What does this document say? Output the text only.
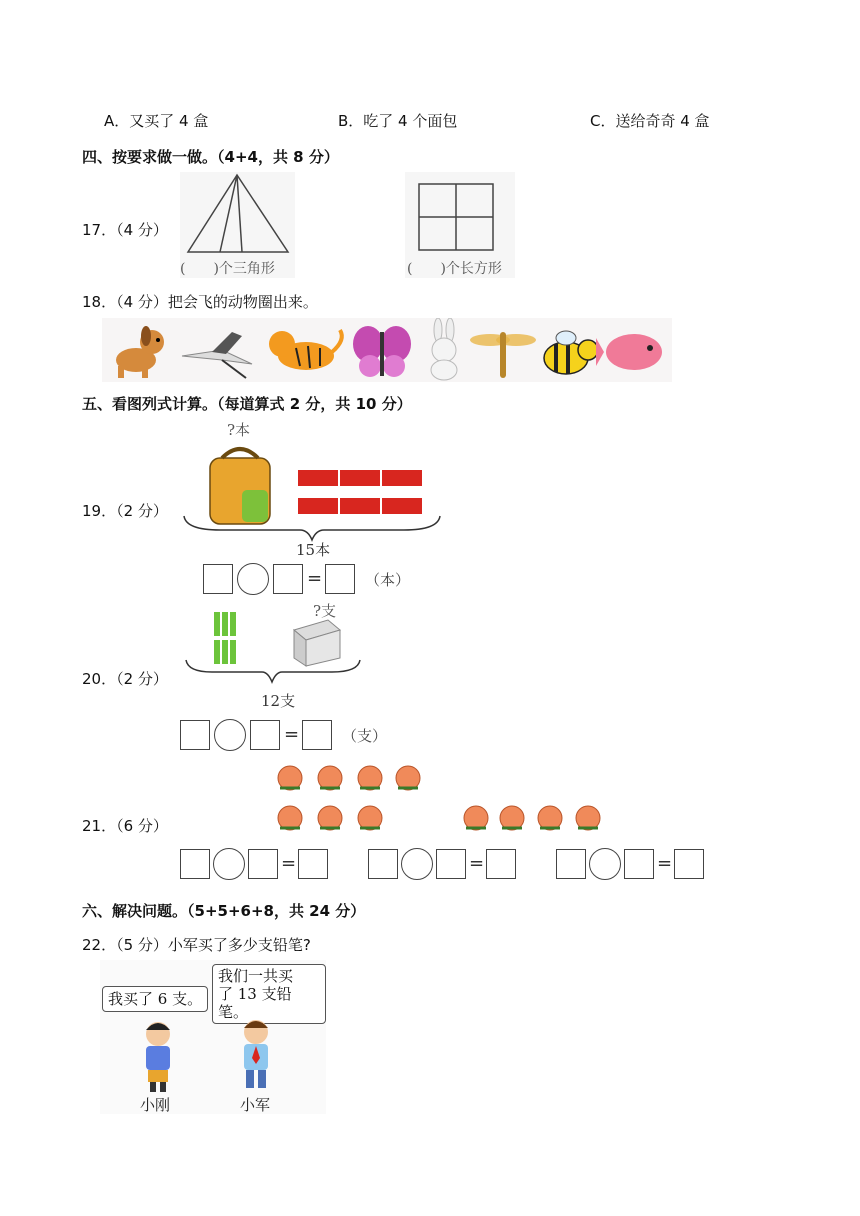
A．又买了 4 盒	B．吃了 4 个面包	C．送给奇奇 4 盒
四、按要求做一做。（4+4，共 8 分）
17．（4 分）
(　　)个三角形	(　　)个长方形
18．（4 分）把会飞的动物圈出来。
五、看图列式计算。（每道算式 2 分，共 10 分）
19．（2 分）
?本
15本
=	（本）
20．（2 分）
?支
12支
=	（支）
21．（6 分）
=	=	=
六、解决问题。（5+5+6+8，共 24 分）
22．（5 分）小军买了多少支铅笔?
我买了 6 支。
我们一共买
了 13 支铅笔。
小刚	小军
